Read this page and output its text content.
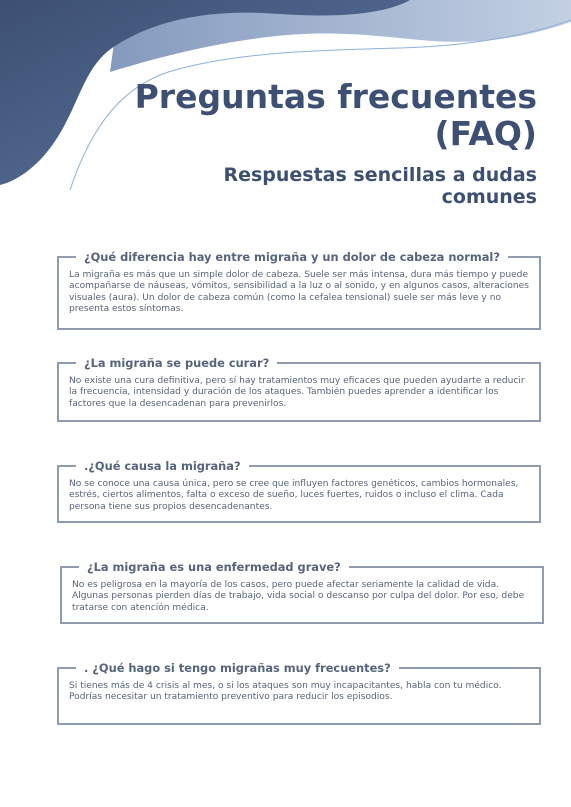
Preguntas frecuentes (FAQ)
Respuestas sencillas a dudas comunes
¿Qué diferencia hay entre migraña y un dolor de cabeza normal?

La migraña es más que un simple dolor de cabeza. Suele ser más intensa, dura más tiempo y puede acompañarse de náuseas, vómitos, sensibilidad a la luz o al sonido, y en algunos casos, alteraciones visuales (aura). Un dolor de cabeza común (como la cefalea tensional) suele ser más leve y no presenta estos síntomas.

¿La migraña se puede curar?

No existe una cura definitiva, pero sí hay tratamientos muy eficaces que pueden ayudarte a reducir la frecuencia, intensidad y duración de los ataques. También puedes aprender a identificar los factores que la desencadenan para prevenirlos.

.¿Qué causa la migraña?

No se conoce una causa única, pero se cree que influyen factores genéticos, cambios hormonales, estrés, ciertos alimentos, falta o exceso de sueño, luces fuertes, ruidos o incluso el clima. Cada persona tiene sus propios desencadenantes.

¿La migraña es una enfermedad grave?

No es peligrosa en la mayoría de los casos, pero puede afectar seriamente la calidad de vida. Algunas personas pierden días de trabajo, vida social o descanso por culpa del dolor. Por eso, debe tratarse con atención médica.

. ¿Qué hago si tengo migrañas muy frecuentes?

Si tienes más de 4 crisis al mes, o si los ataques son muy incapacitantes, habla con tu médico. Podrías necesitar un tratamiento preventivo para reducir los episodios.
